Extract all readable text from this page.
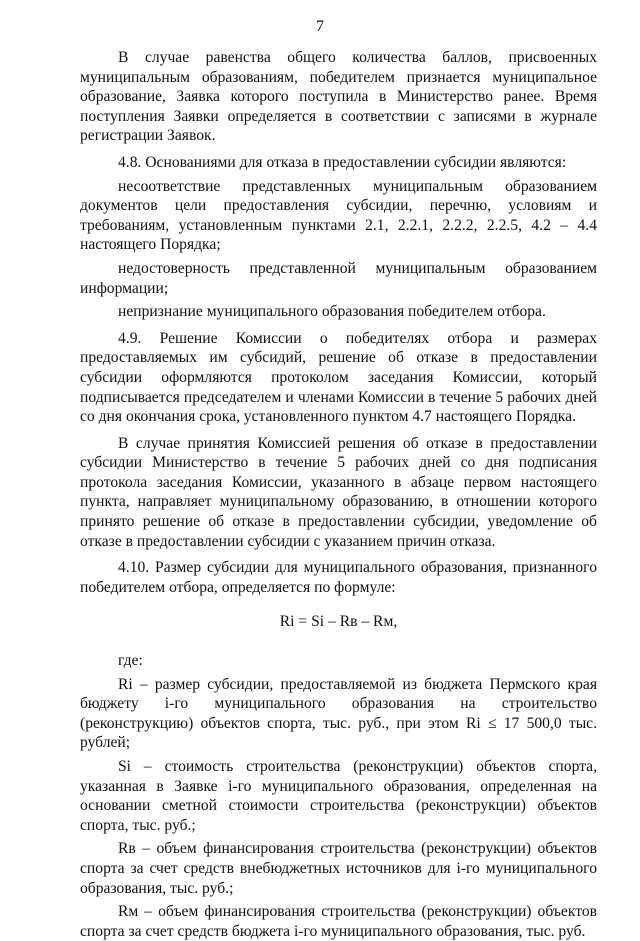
7

В случае равенства общего количества баллов, присвоенных муниципальным образованиям, победителем признается муниципальное образование, Заявка которого поступила в Министерство ранее. Время поступления Заявки определяется в соответствии с записями в журнале регистрации Заявок.

4.8. Основаниями для отказа в предоставлении субсидии являются:

несоответствие представленных муниципальным образованием документов цели предоставления субсидии, перечню, условиям и требованиям, установленным пунктами 2.1, 2.2.1, 2.2.2, 2.2.5, 4.2 – 4.4 настоящего Порядка;

недостоверность представленной муниципальным образованием информации;

непризнание муниципального образования победителем отбора.

4.9. Решение Комиссии о победителях отбора и размерах предоставляемых им субсидий, решение об отказе в предоставлении субсидии оформляются протоколом заседания Комиссии, который подписывается председателем и членами Комиссии в течение 5 рабочих дней со дня окончания срока, установленного пунктом 4.7 настоящего Порядка.

В случае принятия Комиссией решения об отказе в предоставлении субсидии Министерство в течение 5 рабочих дней со дня подписания протокола заседания Комиссии, указанного в абзаце первом настоящего пункта, направляет муниципальному образованию, в отношении которого принято решение об отказе в предоставлении субсидии, уведомление об отказе в предоставлении субсидии с указанием причин отказа.

4.10. Размер субсидии для муниципального образования, признанного победителем отбора, определяется по формуле:

Ri = Si – Rв – Rм,

где:

Ri – размер субсидии, предоставляемой из бюджета Пермского края бюджету i-го муниципального образования на строительство (реконструкцию) объектов спорта, тыс. руб., при этом Ri ≤ 17 500,0 тыс. рублей;

Si – стоимость строительства (реконструкции) объектов спорта, указанная в Заявке i-го муниципального образования, определенная на основании сметной стоимости строительства (реконструкции) объектов спорта, тыс. руб.;

Rв – объем финансирования строительства (реконструкции) объектов спорта за счет средств внебюджетных источников для i-го муниципального образования, тыс. руб.;

Rм – объем финансирования строительства (реконструкции) объектов спорта за счет средств бюджета i-го муниципального образования, тыс. руб.
